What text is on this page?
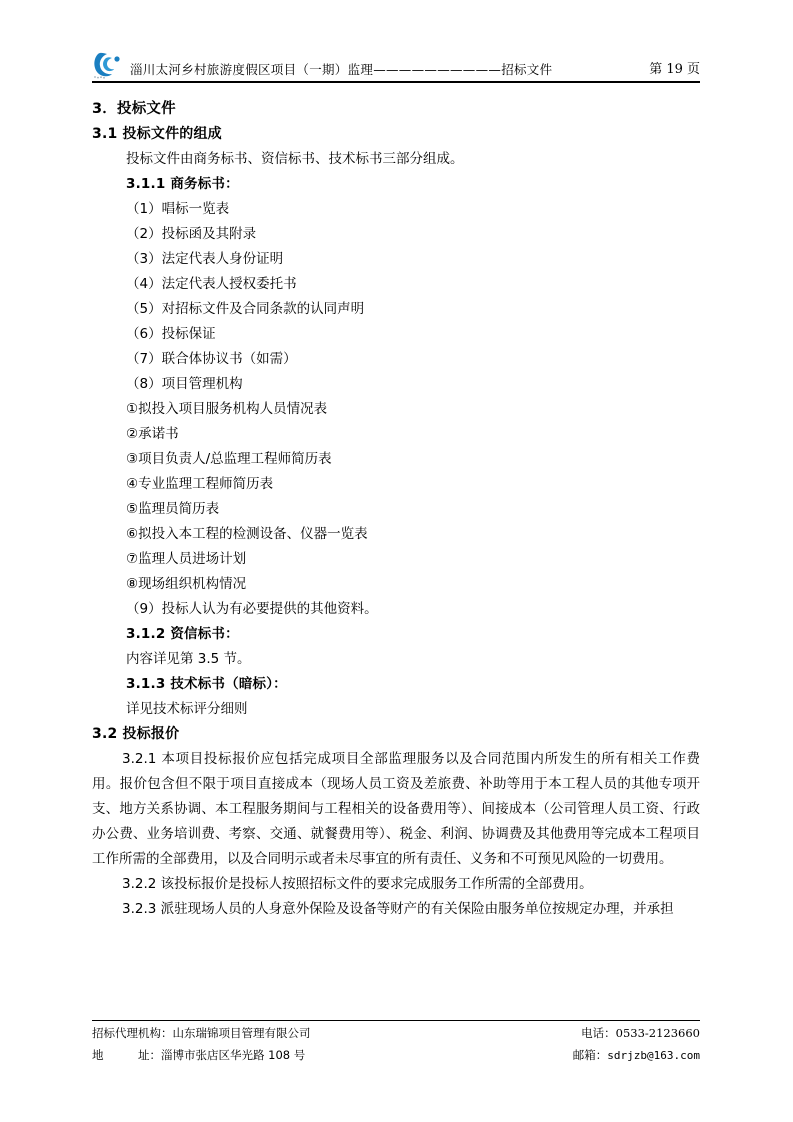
淄川太河乡村旅游度假区项目（一期）监理——————————招标文件	第 19 页
3．投标文件
3.1 投标文件的组成

投标文件由商务标书、资信标书、技术标书三部分组成。

3.1.1 商务标书：

（1）唱标一览表

（2）投标函及其附录

（3）法定代表人身份证明

（4）法定代表人授权委托书

（5）对招标文件及合同条款的认同声明

（6）投标保证

（7）联合体协议书（如需）

（8）项目管理机构

①拟投入项目服务机构人员情况表

②承诺书

③项目负责人/总监理工程师简历表

④专业监理工程师简历表

⑤监理员简历表

⑥拟投入本工程的检测设备、仪器一览表

⑦监理人员进场计划

⑧现场组织机构情况

（9）投标人认为有必要提供的其他资料。

3.1.2 资信标书：

内容详见第 3.5 节。

3.1.3 技术标书（暗标）：

详见技术标评分细则

3.2 投标报价

3.2.1 本项目投标报价应包括完成项目全部监理服务以及合同范围内所发生的所有相关工作费用。报价包含但不限于项目直接成本（现场人员工资及差旅费、补助等用于本工程人员的其他专项开支、地方关系协调、本工程服务期间与工程相关的设备费用等）、间接成本（公司管理人员工资、行政办公费、业务培训费、考察、交通、就餐费用等）、税金、利润、协调费及其他费用等完成本工程项目工作所需的全部费用，以及合同明示或者未尽事宜的所有责任、义务和不可预见风险的一切费用。

3.2.2 该投标报价是投标人按照招标文件的要求完成服务工作所需的全部费用。

3.2.3 派驻现场人员的人身意外保险及设备等财产的有关保险由服务单位按规定办理，并承担

招标代理机构：山东瑞锦项目管理有限公司	电话：0533-2123660
地　　　址：淄博市张店区华光路 108 号	邮箱：sdrjzb@163.com
